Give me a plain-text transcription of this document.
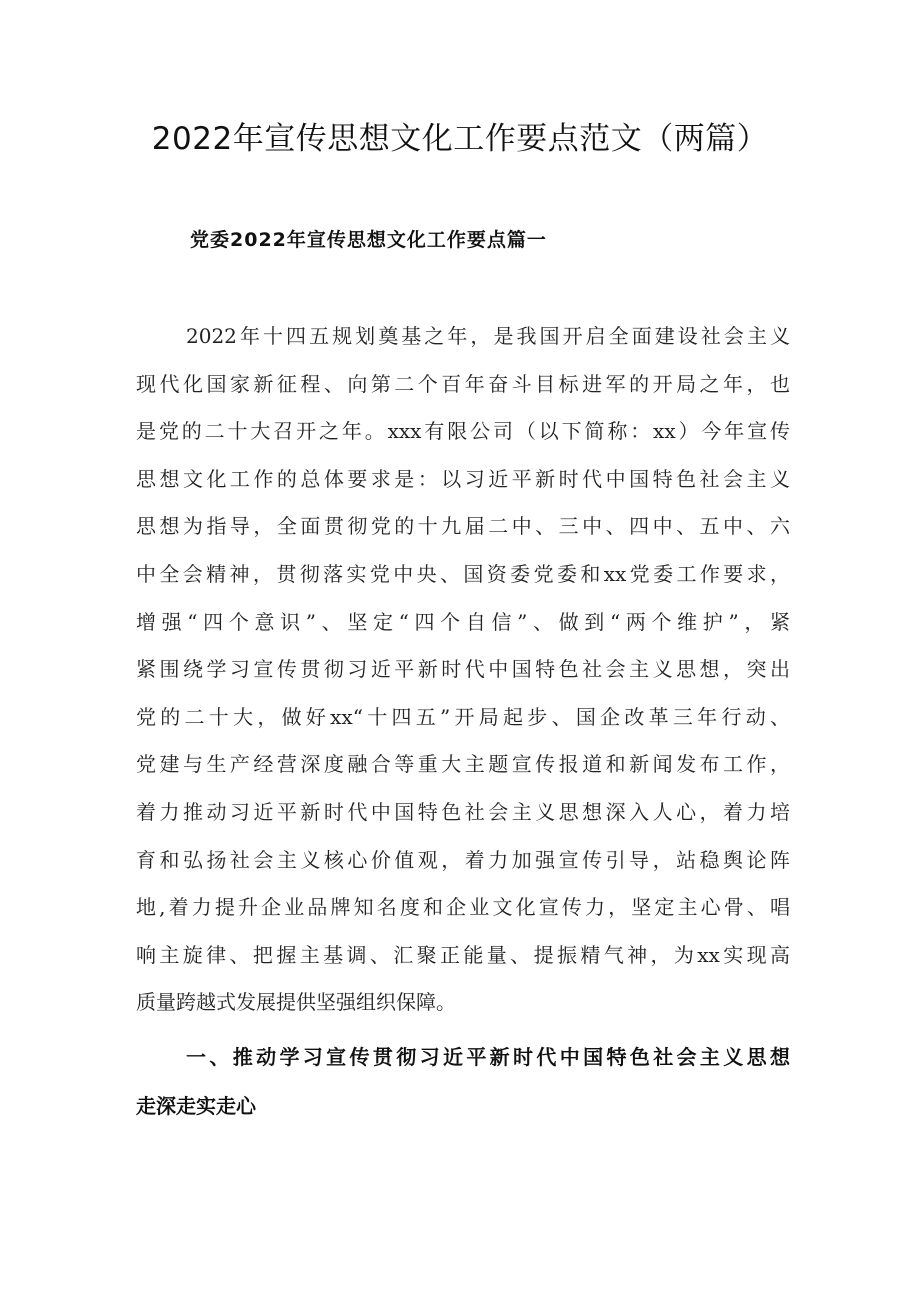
2022年宣传思想文化工作要点范文（两篇）
党委2022年宣传思想文化工作要点篇一
2022年十四五规划奠基之年，是我国开启全面建设社会主义
现代化国家新征程、向第二个百年奋斗目标进军的开局之年，也
是党的二十大召开之年。xxx有限公司（以下简称：xx）今年宣传
思想文化工作的总体要求是：以习近平新时代中国特色社会主义
思想为指导，全面贯彻党的十九届二中、三中、四中、五中、六
中全会精神，贯彻落实党中央、国资委党委和xx党委工作要求，
增强“四个意识”、坚定“四个自信”、做到“两个维护”，紧
紧围绕学习宣传贯彻习近平新时代中国特色社会主义思想，突出
党的二十大，做好xx“十四五”开局起步、国企改革三年行动、
党建与生产经营深度融合等重大主题宣传报道和新闻发布工作，
着力推动习近平新时代中国特色社会主义思想深入人心，着力培
育和弘扬社会主义核心价值观，着力加强宣传引导，站稳舆论阵
地,着力提升企业品牌知名度和企业文化宣传力，坚定主心骨、唱
响主旋律、把握主基调、汇聚正能量、提振精气神，为xx实现高
质量跨越式发展提供坚强组织保障。
一、推动学习宣传贯彻习近平新时代中国特色社会主义思想
走深走实走心
